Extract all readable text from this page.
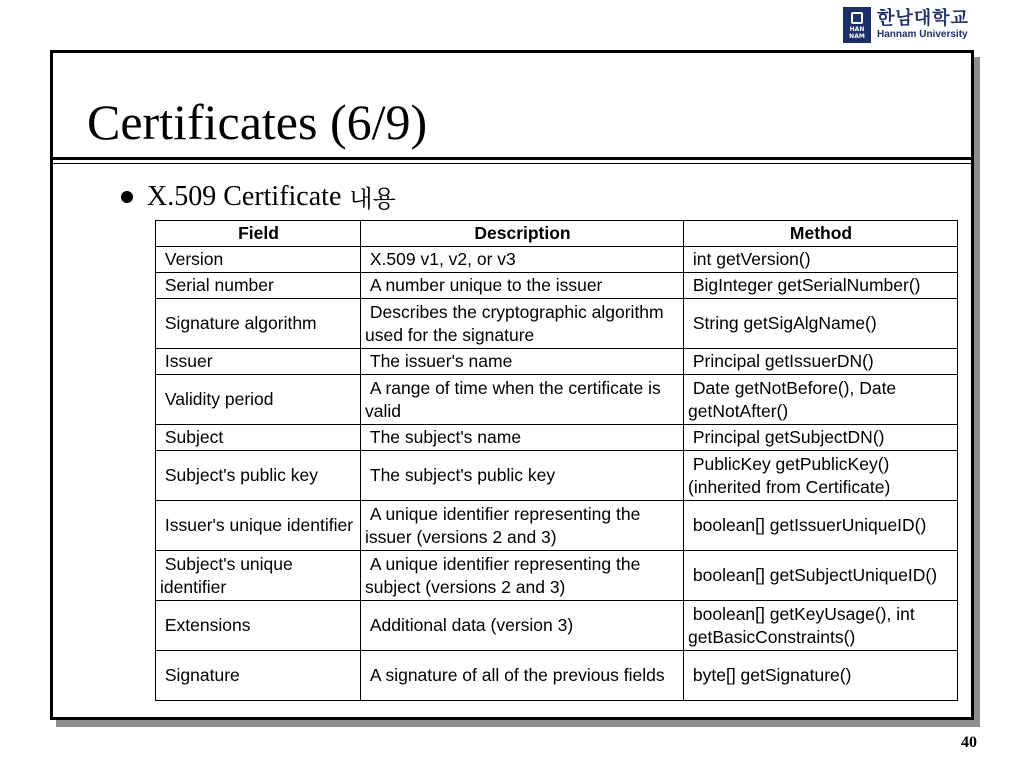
HAN NAM
한남대학교
Hannam University
Certificates (6/9)
X.509 Certificate 내용
Field	Description	Method
Version	X.509 v1, v2, or v3	int getVersion()
Serial number	A number unique to the issuer	BigInteger getSerialNumber()
Signature algorithm	Describes the cryptographic algorithm used for the signature	String getSigAlgName()
Issuer	The issuer's name	Principal getIssuerDN()
Validity period	A range of time when the certificate is valid	Date getNotBefore(), Date getNotAfter()
Subject	The subject's name	Principal getSubjectDN()
Subject's public key	The subject's public key	PublicKey getPublicKey() (inherited from Certificate)
Issuer's unique identifier	A unique identifier representing the issuer (versions 2 and 3)	boolean[] getIssuerUniqueID()
Subject's unique identifier	A unique identifier representing the subject (versions 2 and 3)	boolean[] getSubjectUniqueID()
Extensions	Additional data (version 3)	boolean[] getKeyUsage(), int getBasicConstraints()
Signature	A signature of all of the previous fields	byte[] getSignature()
40
